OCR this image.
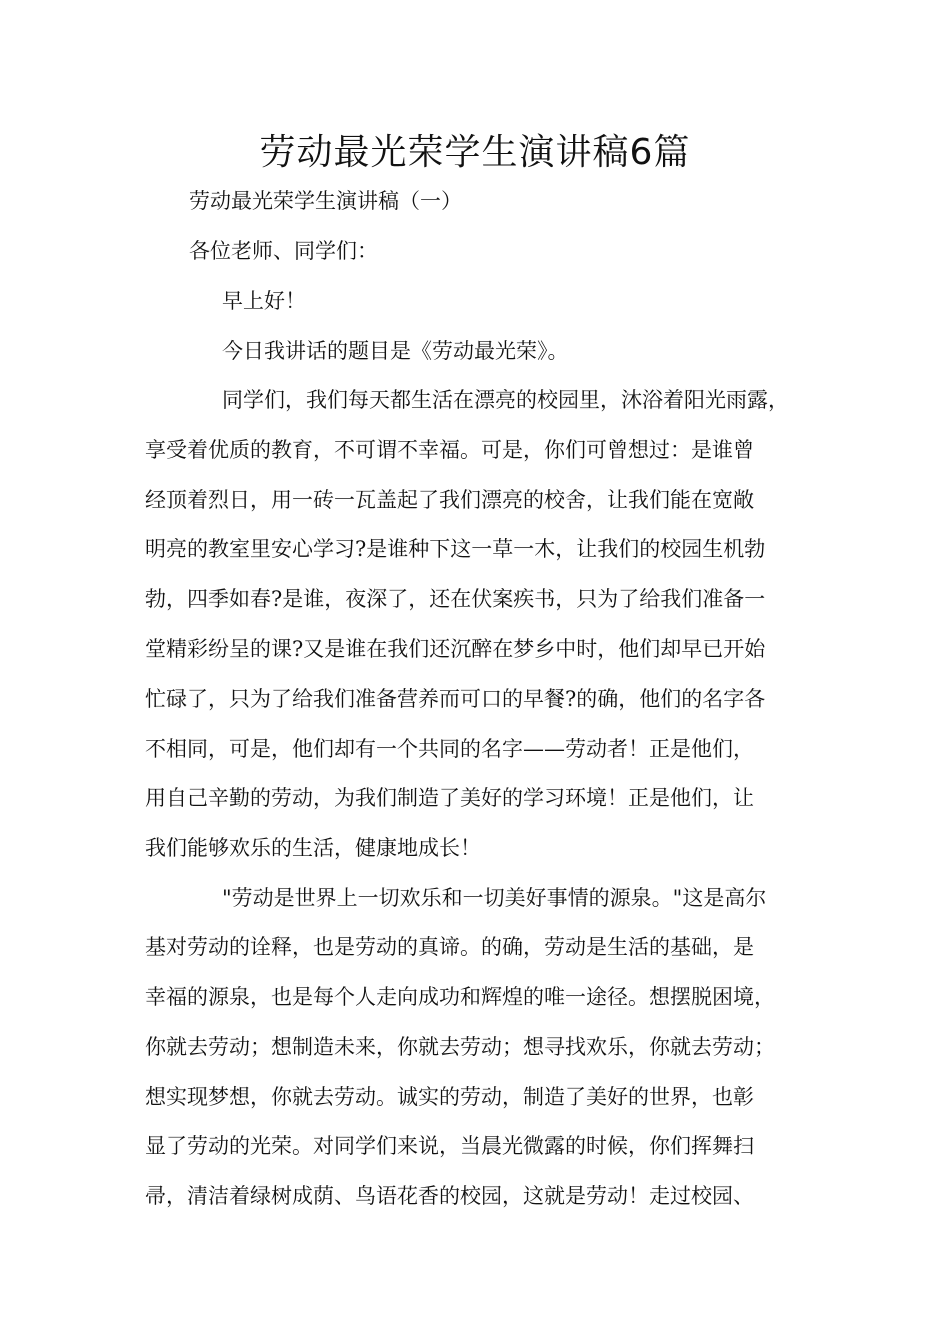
劳动最光荣学生演讲稿6篇
劳动最光荣学生演讲稿（一）
各位老师、同学们：
早上好！
今日我讲话的题目是《劳动最光荣》。
同学们，我们每天都生活在漂亮的校园里，沐浴着阳光雨露，
享受着优质的教育，不可谓不幸福。可是，你们可曾想过：是谁曾
经顶着烈日，用一砖一瓦盖起了我们漂亮的校舍，让我们能在宽敞
明亮的教室里安心学习?是谁种下这一草一木，让我们的校园生机勃
勃，四季如春?是谁，夜深了，还在伏案疾书，只为了给我们准备一
堂精彩纷呈的课?又是谁在我们还沉醉在梦乡中时，他们却早已开始
忙碌了，只为了给我们准备营养而可口的早餐?的确，他们的名字各
不相同，可是，他们却有一个共同的名字——劳动者！正是他们，
用自己辛勤的劳动，为我们制造了美好的学习环境！正是他们，让
我们能够欢乐的生活，健康地成长！
"劳动是世界上一切欢乐和一切美好事情的源泉。"这是高尔
基对劳动的诠释，也是劳动的真谛。的确，劳动是生活的基础，是
幸福的源泉，也是每个人走向成功和辉煌的唯一途径。想摆脱困境，
你就去劳动；想制造未来，你就去劳动；想寻找欢乐，你就去劳动；
想实现梦想，你就去劳动。诚实的劳动，制造了美好的世界，也彰
显了劳动的光荣。对同学们来说，当晨光微露的时候，你们挥舞扫
帚，清洁着绿树成荫、鸟语花香的校园，这就是劳动！走过校园、
